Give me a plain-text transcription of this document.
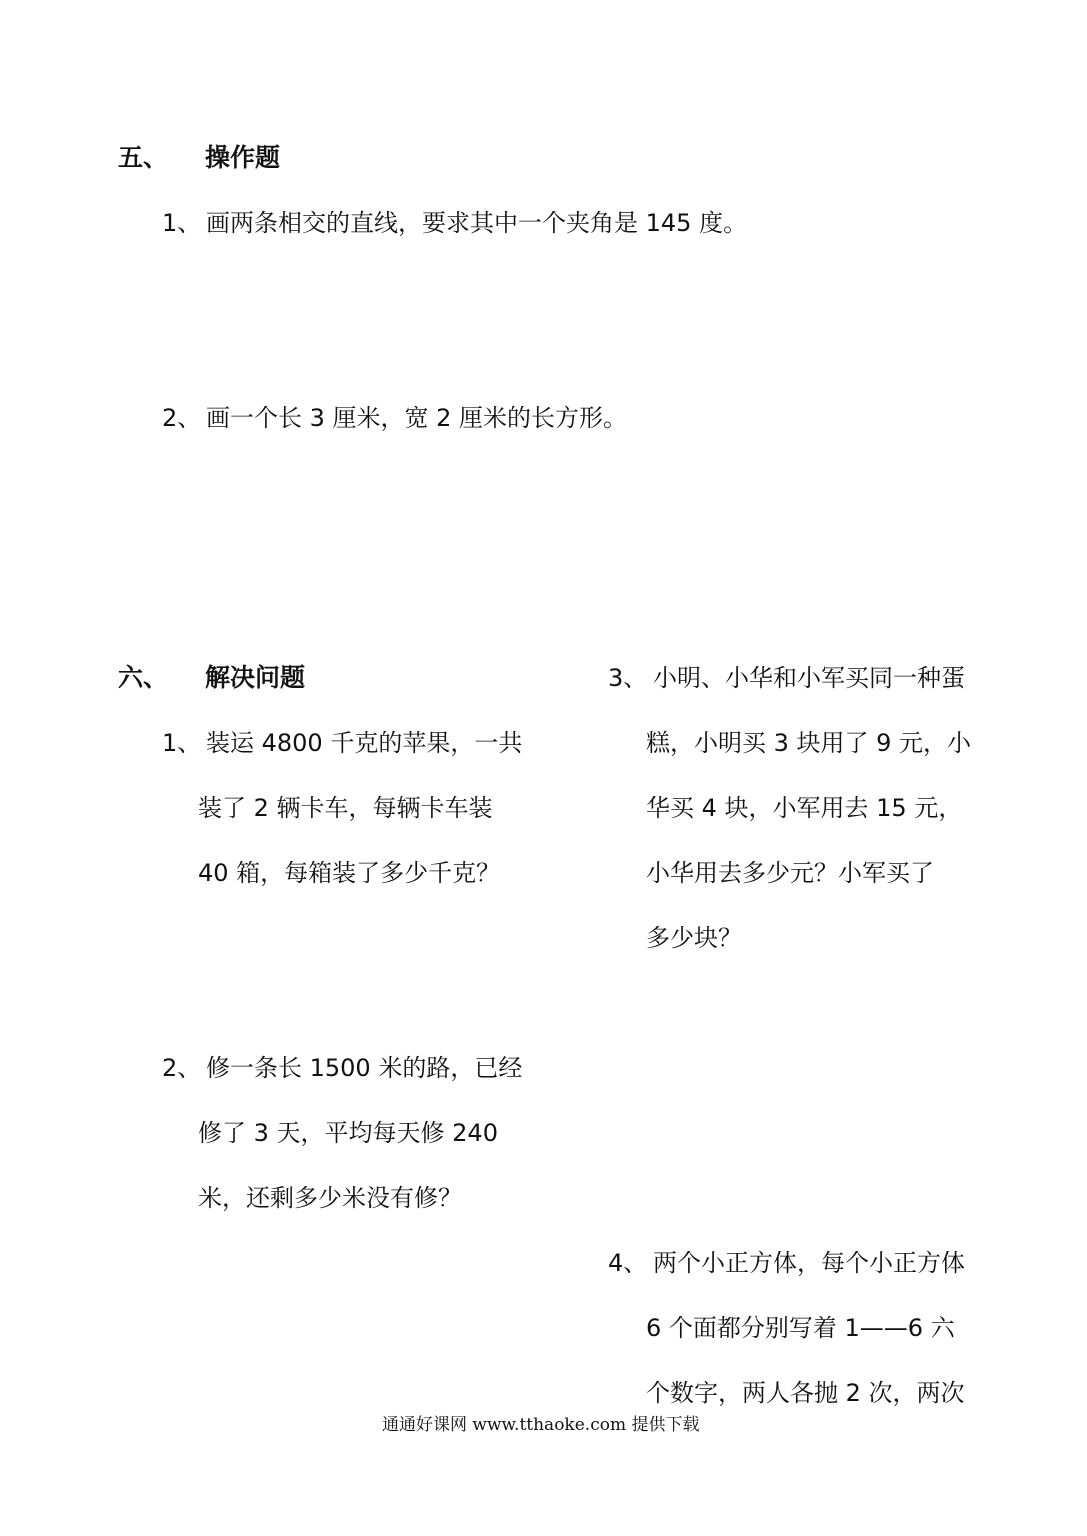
五、 操作题
1、 画两条相交的直线，要求其中一个夹角是 145 度。
2、 画一个长 3 厘米，宽 2 厘米的长方形。
六、 解决问题
1、 装运 4800 千克的苹果，一共
装了 2 辆卡车，每辆卡车装
40 箱，每箱装了多少千克？
2、 修一条长 1500 米的路，已经
修了 3 天，平均每天修 240
米，还剩多少米没有修？
3、 小明、小华和小军买同一种蛋
糕，小明买 3 块用了 9 元，小
华买 4 块，小军用去 15 元，
小华用去多少元？小军买了
多少块？
4、 两个小正方体，每个小正方体
6 个面都分别写着 1——6 六
个数字，两人各抛 2 次，两次
通通好课网 www.tthaoke.com 提供下载
